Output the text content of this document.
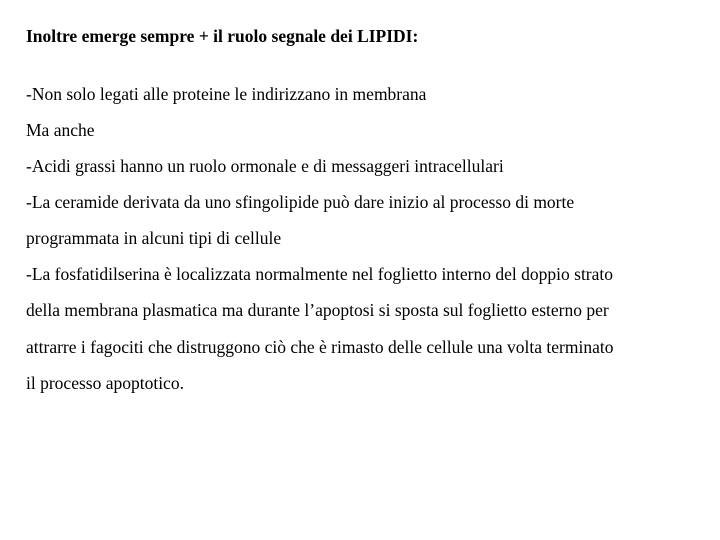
Inoltre emerge sempre + il ruolo segnale dei LIPIDI:
-Non solo legati alle proteine le indirizzano in membrana
Ma anche
-Acidi grassi hanno un ruolo ormonale e di messaggeri intracellulari
-La ceramide derivata da uno sfingolipide può dare inizio al processo di morte
programmata in alcuni tipi di cellule
-La fosfatidilserina è localizzata normalmente nel foglietto interno del doppio strato
della membrana plasmatica ma durante l’apoptosi si sposta sul foglietto esterno per
attrarre i fagociti che distruggono ciò che è rimasto delle cellule una volta terminato
il processo apoptotico.
